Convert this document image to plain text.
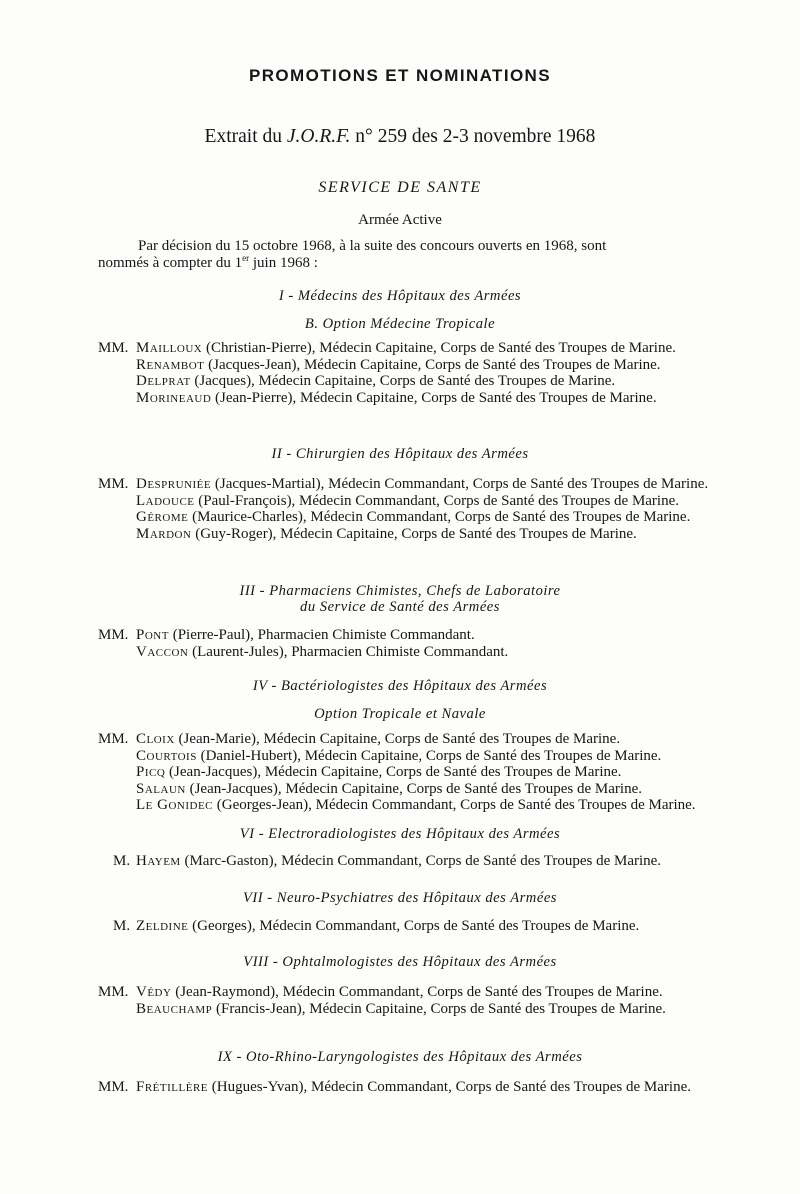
PROMOTIONS ET NOMINATIONS
Extrait du J.O.R.F. n° 259 des 2-3 novembre 1968
SERVICE DE SANTE
Armée Active
Par décision du 15 octobre 1968, à la suite des concours ouverts en 1968, sont
nommés à compter du 1er juin 1968 :
I - Médecins des Hôpitaux des Armées
B. Option Médecine Tropicale
MM. Mailloux (Christian-Pierre), Médecin Capitaine, Corps de Santé des Troupes de Marine.
Renambot (Jacques-Jean), Médecin Capitaine, Corps de Santé des Troupes de Marine.
Delprat (Jacques), Médecin Capitaine, Corps de Santé des Troupes de Marine.
Morineaud (Jean-Pierre), Médecin Capitaine, Corps de Santé des Troupes de Marine.
II - Chirurgien des Hôpitaux des Armées
MM. Despruniée (Jacques-Martial), Médecin Commandant, Corps de Santé des Troupes de Marine.
Ladouce (Paul-François), Médecin Commandant, Corps de Santé des Troupes de Marine.
Gérome (Maurice-Charles), Médecin Commandant, Corps de Santé des Troupes de Marine.
Mardon (Guy-Roger), Médecin Capitaine, Corps de Santé des Troupes de Marine.
III - Pharmaciens Chimistes, Chefs de Laboratoire
du Service de Santé des Armées
MM. Pont (Pierre-Paul), Pharmacien Chimiste Commandant.
Vaccon (Laurent-Jules), Pharmacien Chimiste Commandant.
IV - Bactériologistes des Hôpitaux des Armées
Option Tropicale et Navale
MM. Cloix (Jean-Marie), Médecin Capitaine, Corps de Santé des Troupes de Marine.
Courtois (Daniel-Hubert), Médecin Capitaine, Corps de Santé des Troupes de Marine.
Picq (Jean-Jacques), Médecin Capitaine, Corps de Santé des Troupes de Marine.
Salaun (Jean-Jacques), Médecin Capitaine, Corps de Santé des Troupes de Marine.
Le Gonidec (Georges-Jean), Médecin Commandant, Corps de Santé des Troupes de Marine.
VI - Electroradiologistes des Hôpitaux des Armées
M. Hayem (Marc-Gaston), Médecin Commandant, Corps de Santé des Troupes de Marine.
VII - Neuro-Psychiatres des Hôpitaux des Armées
M. Zeldine (Georges), Médecin Commandant, Corps de Santé des Troupes de Marine.
VIII - Ophtalmologistes des Hôpitaux des Armées
MM. Védy (Jean-Raymond), Médecin Commandant, Corps de Santé des Troupes de Marine.
Beauchamp (Francis-Jean), Médecin Capitaine, Corps de Santé des Troupes de Marine.
IX - Oto-Rhino-Laryngologistes des Hôpitaux des Armées
MM. Frétillère (Hugues-Yvan), Médecin Commandant, Corps de Santé des Troupes de Marine.
